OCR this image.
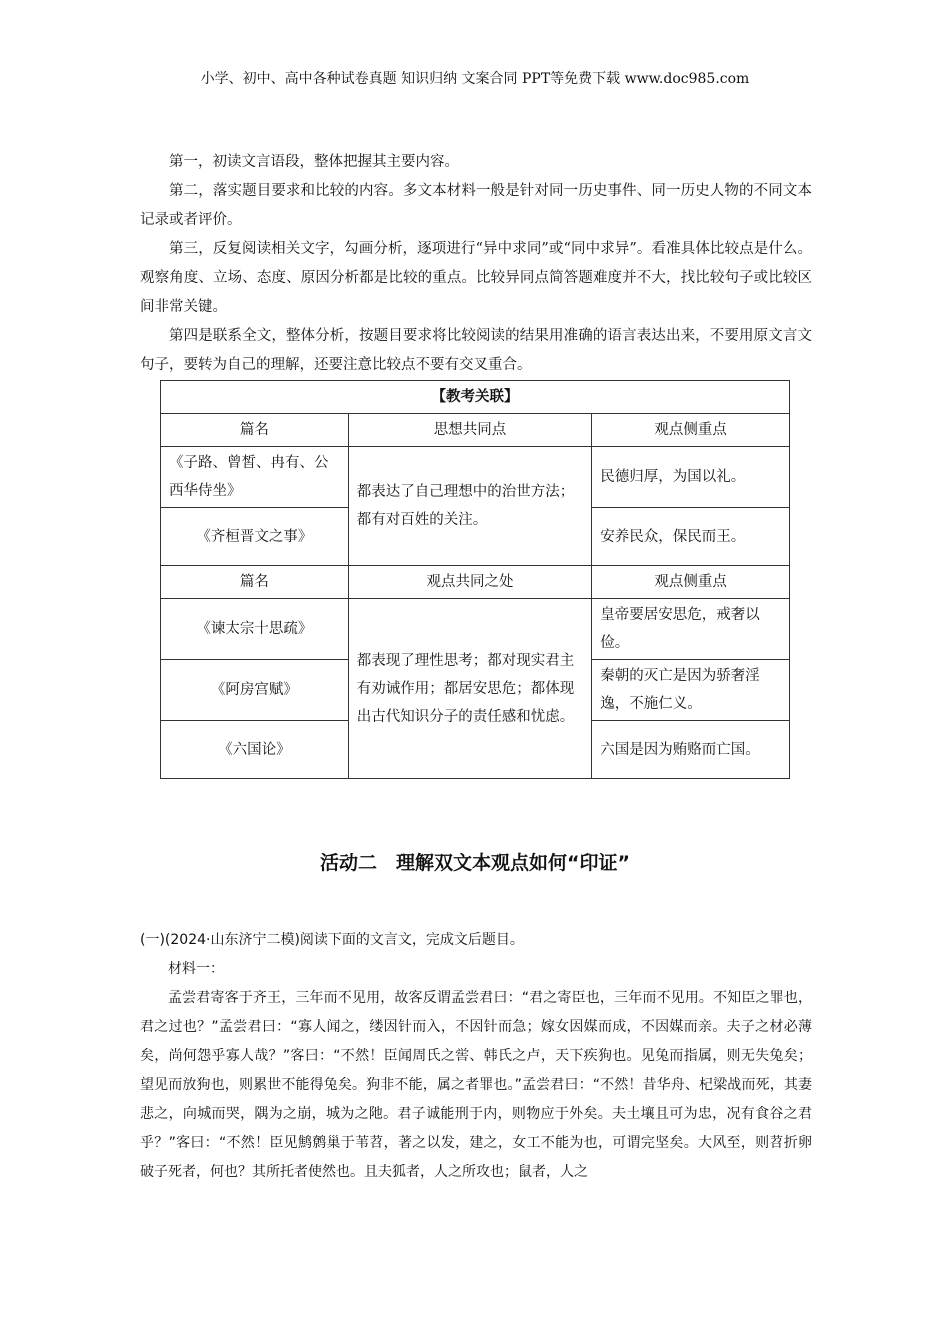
小学、初中、高中各种试卷真题 知识归纳 文案合同 PPT等免费下载 www.doc985.com

第一，初读文言语段，整体把握其主要内容。

第二，落实题目要求和比较的内容。多文本材料一般是针对同一历史事件、同一历史人物的不同文本记录或者评价。

第三，反复阅读相关文字，勾画分析，逐项进行“异中求同”或“同中求异”。看准具体比较点是什么。观察角度、立场、态度、原因分析都是比较的重点。比较异同点简答题难度并不大，找比较句子或比较区间非常关键。

第四是联系全文，整体分析，按题目要求将比较阅读的结果用准确的语言表达出来，不要用原文言文句子，要转为自己的理解，还要注意比较点不要有交叉重合。

【教考关联】		
篇名	思想共同点	观点侧重点
《子路、曾皙、冉有、公西华侍坐》	都表达了自己理想中的治世方法；都有对百姓的关注。	民德归厚，为国以礼。
《齐桓晋文之事》		安养民众，保民而王。
篇名	观点共同之处	观点侧重点
《谏太宗十思疏》	都表现了理性思考；都对现实君主有劝诫作用；都居安思危；都体现出古代知识分子的责任感和忧虑。	皇帝要居安思危，戒奢以俭。
《阿房宫赋》		秦朝的灭亡是因为骄奢淫逸，不施仁义。
《六国论》		六国是因为贿赂而亡国。
活动二　理解双文本观点如何“印证”

(一)(2024·山东济宁二模)阅读下面的文言文，完成文后题目。

材料一：

孟尝君寄客于齐王，三年而不见用，故客反谓孟尝君曰：“君之寄臣也，三年而不见用。不知臣之罪也，君之过也？”孟尝君曰：“寡人闻之，缕因针而入，不因针而急；嫁女因媒而成，不因媒而亲。夫子之材必薄矣，尚何怨乎寡人哉？”客曰：“不然！臣闻周氏之喾、韩氏之卢，天下疾狗也。见兔而指属，则无失兔矣；望见而放狗也，则累世不能得兔矣。狗非不能，属之者罪也。”孟尝君曰：“不然！昔华舟、杞梁战而死，其妻悲之，向城而哭，隅为之崩，城为之阤。君子诚能刑于内，则物应于外矣。夫土壤且可为忠，况有食谷之君乎？”客曰：“不然！臣见鹪鹩巢于苇苕，著之以发，建之，女工不能为也，可谓完坚矣。大风至，则苕折卵破子死者，何也？其所托者使然也。且夫狐者，人之所攻也；鼠者，人之
